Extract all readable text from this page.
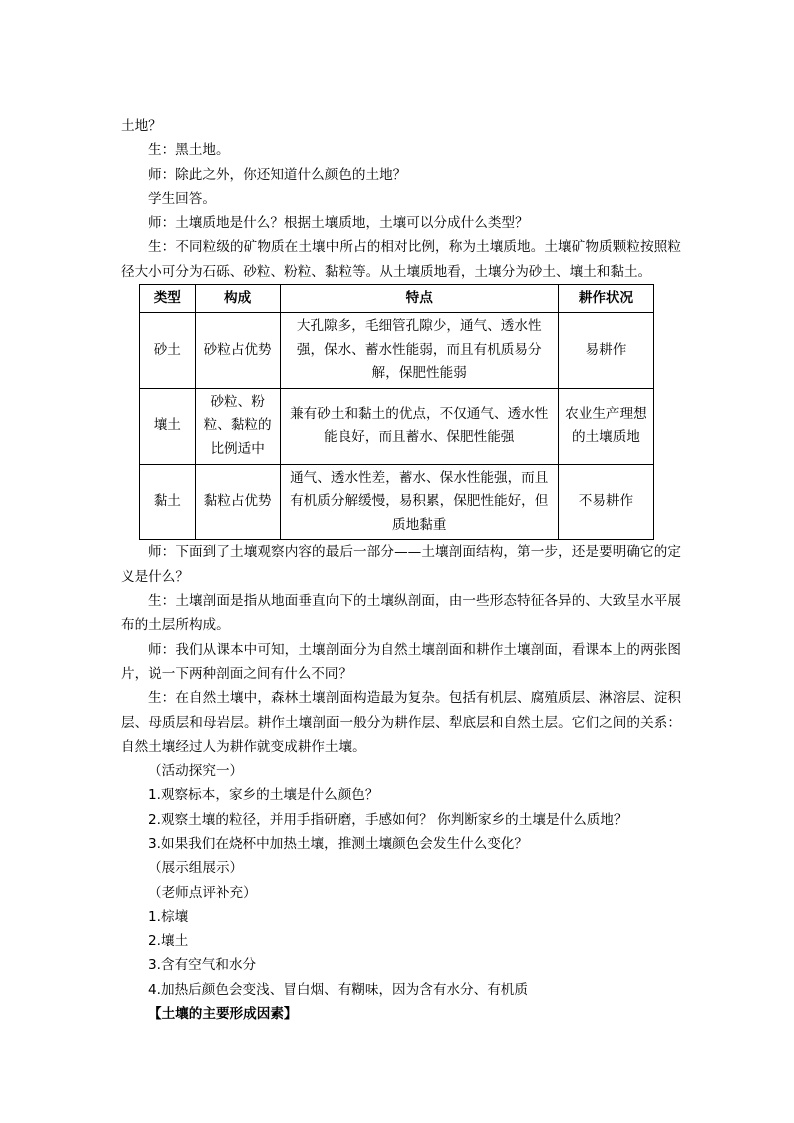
土地？

生：黑土地。

师：除此之外，你还知道什么颜色的土地？

学生回答。

师：土壤质地是什么？根据土壤质地，土壤可以分成什么类型？

生：不同粒级的矿物质在土壤中所占的相对比例，称为土壤质地。土壤矿物质颗粒按照粒径大小可分为石砾、砂粒、粉粒、黏粒等。从土壤质地看，土壤分为砂土、壤土和黏土。

类型	构成	特点	耕作状况
砂土	砂粒占优势	大孔隙多，毛细管孔隙少，通气、透水性强，保水、蓄水性能弱，而且有机质易分解，保肥性能弱	易耕作
壤土	砂粒、粉粒、黏粒的比例适中	兼有砂土和黏土的优点，不仅通气、透水性能良好，而且蓄水、保肥性能强	农业生产理想的土壤质地
黏土	黏粒占优势	通气、透水性差，蓄水、保水性能强，而且有机质分解缓慢，易积累，保肥性能好，但质地黏重	不易耕作

师：下面到了土壤观察内容的最后一部分——土壤剖面结构，第一步，还是要明确它的定义是什么？

生：土壤剖面是指从地面垂直向下的土壤纵剖面，由一些形态特征各异的、大致呈水平展布的土层所构成。

师：我们从课本中可知，土壤剖面分为自然土壤剖面和耕作土壤剖面，看课本上的两张图片，说一下两种剖面之间有什么不同？

生：在自然土壤中，森林土壤剖面构造最为复杂。包括有机层、腐殖质层、淋溶层、淀积层、母质层和母岩层。耕作土壤剖面一般分为耕作层、犁底层和自然土层。它们之间的关系：自然土壤经过人为耕作就变成耕作土壤。

（活动探究一）

1.观察标本，家乡的土壤是什么颜色？

2.观察土壤的粒径，并用手指研磨，手感如何？ 你判断家乡的土壤是什么质地？

3.如果我们在烧杯中加热土壤，推测土壤颜色会发生什么变化？

（展示组展示）

（老师点评补充）

1.棕壤

2.壤土

3.含有空气和水分

4.加热后颜色会变浅、冒白烟、有糊味，因为含有水分、有机质

【土壤的主要形成因素】
